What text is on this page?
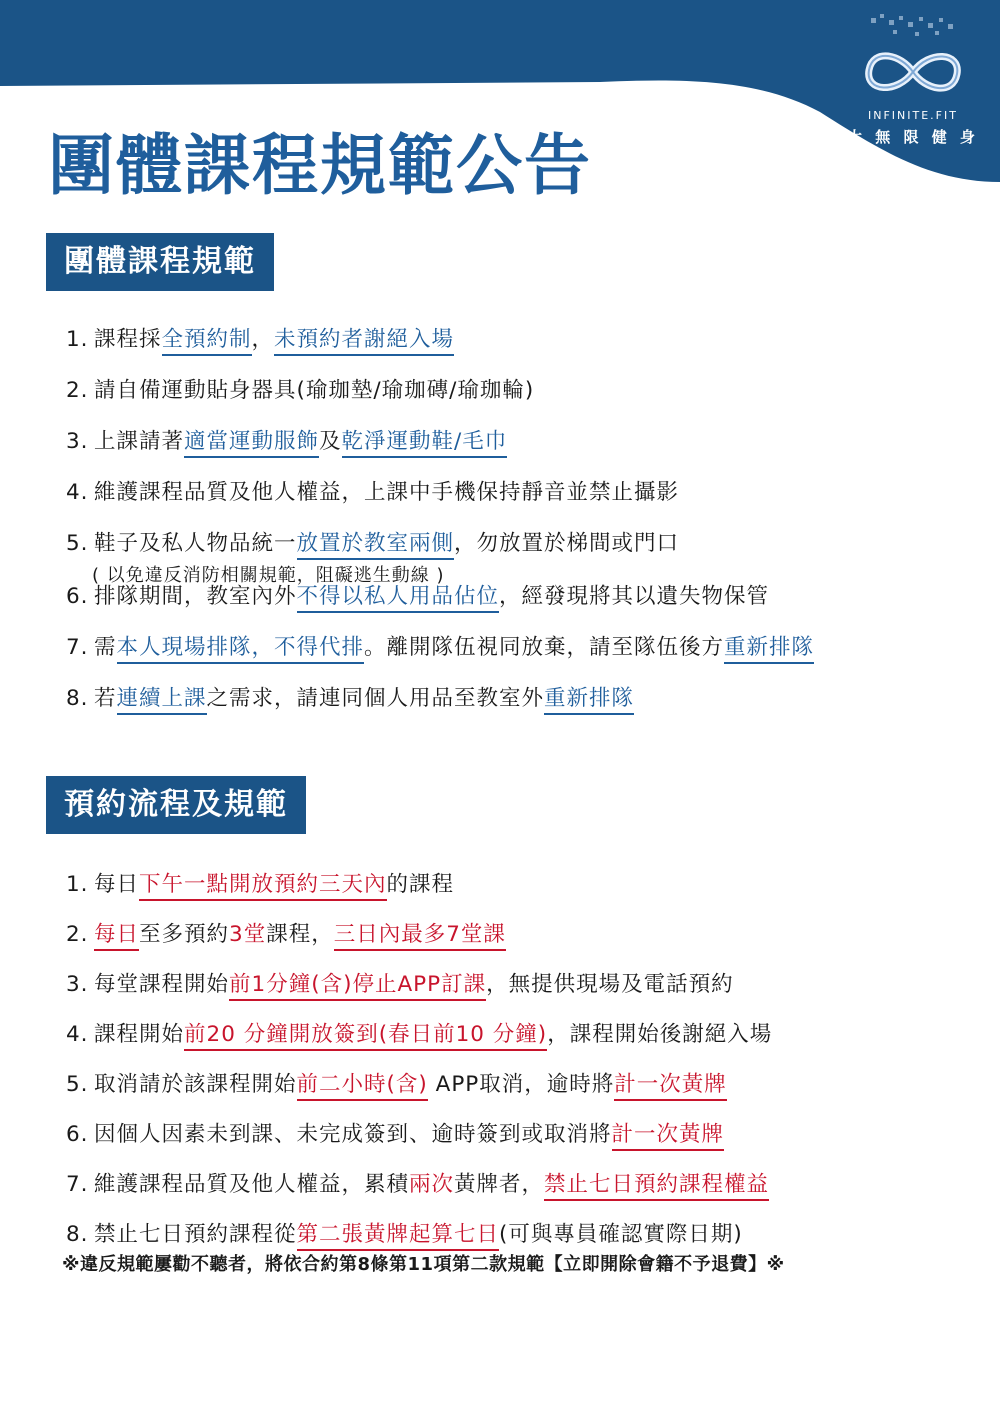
INFINITE.FIT
大 無 限 健 身
團體課程規範公告
團體課程規範
1. 課程採全預約制，未預約者謝絕入場
2. 請自備運動貼身器具(瑜珈墊/瑜珈磚/瑜珈輪)
3. 上課請著適當運動服飾及乾淨運動鞋/毛巾
4. 維護課程品質及他人權益，上課中手機保持靜音並禁止攝影
5. 鞋子及私人物品統一放置於教室兩側，勿放置於梯間或門口
( 以免違反消防相關規範，阻礙逃生動線 )
6. 排隊期間，教室內外不得以私人用品佔位，經發現將其以遺失物保管
7. 需本人現場排隊，不得代排。離開隊伍視同放棄，請至隊伍後方重新排隊
8. 若連續上課之需求，請連同個人用品至教室外重新排隊
預約流程及規範
1. 每日下午一點開放預約三天內的課程
2. 每日至多預約3堂課程，三日內最多7堂課
3. 每堂課程開始前1分鐘(含)停止APP訂課，無提供現場及電話預約
4. 課程開始前20 分鐘開放簽到(春日前10 分鐘)，課程開始後謝絕入場
5. 取消請於該課程開始前二小時(含) APP取消，逾時將計一次黃牌
6. 因個人因素未到課、未完成簽到、逾時簽到或取消將計一次黃牌
7. 維護課程品質及他人權益，累積兩次黃牌者，禁止七日預約課程權益
8. 禁止七日預約課程從第二張黃牌起算七日(可與專員確認實際日期)
※違反規範屢勸不聽者，將依合約第8條第11項第二款規範【立即開除會籍不予退費】※
